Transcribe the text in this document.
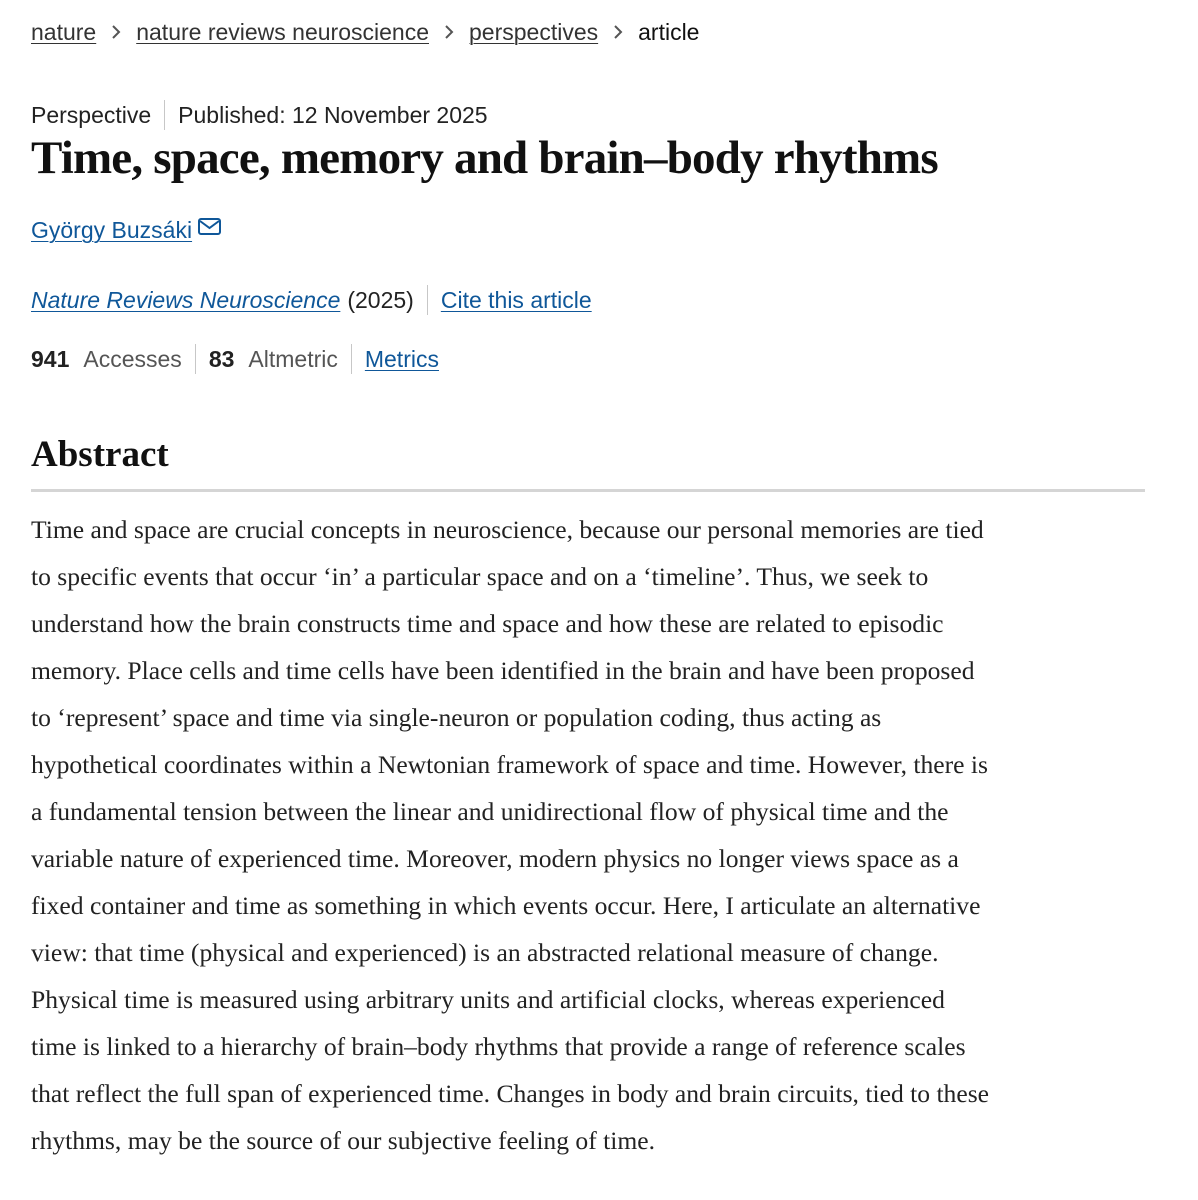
nature nature reviews neuroscience perspectives article
Perspective Published: 12 November 2025
Time, space, memory and brain–body rhythms
György Buzsáki
Nature Reviews Neuroscience (2025) Cite this article
941 Accesses 83 Altmetric Metrics
Abstract
Time and space are crucial concepts in neuroscience, because our personal memories are tied
to specific events that occur ‘in’ a particular space and on a ‘timeline’. Thus, we seek to
understand how the brain constructs time and space and how these are related to episodic
memory. Place cells and time cells have been identified in the brain and have been proposed
to ‘represent’ space and time via single-neuron or population coding, thus acting as
hypothetical coordinates within a Newtonian framework of space and time. However, there is
a fundamental tension between the linear and unidirectional flow of physical time and the
variable nature of experienced time. Moreover, modern physics no longer views space as a
fixed container and time as something in which events occur. Here, I articulate an alternative
view: that time (physical and experienced) is an abstracted relational measure of change.
Physical time is measured using arbitrary units and artificial clocks, whereas experienced
time is linked to a hierarchy of brain–body rhythms that provide a range of reference scales
that reflect the full span of experienced time. Changes in body and brain circuits, tied to these
rhythms, may be the source of our subjective feeling of time.
